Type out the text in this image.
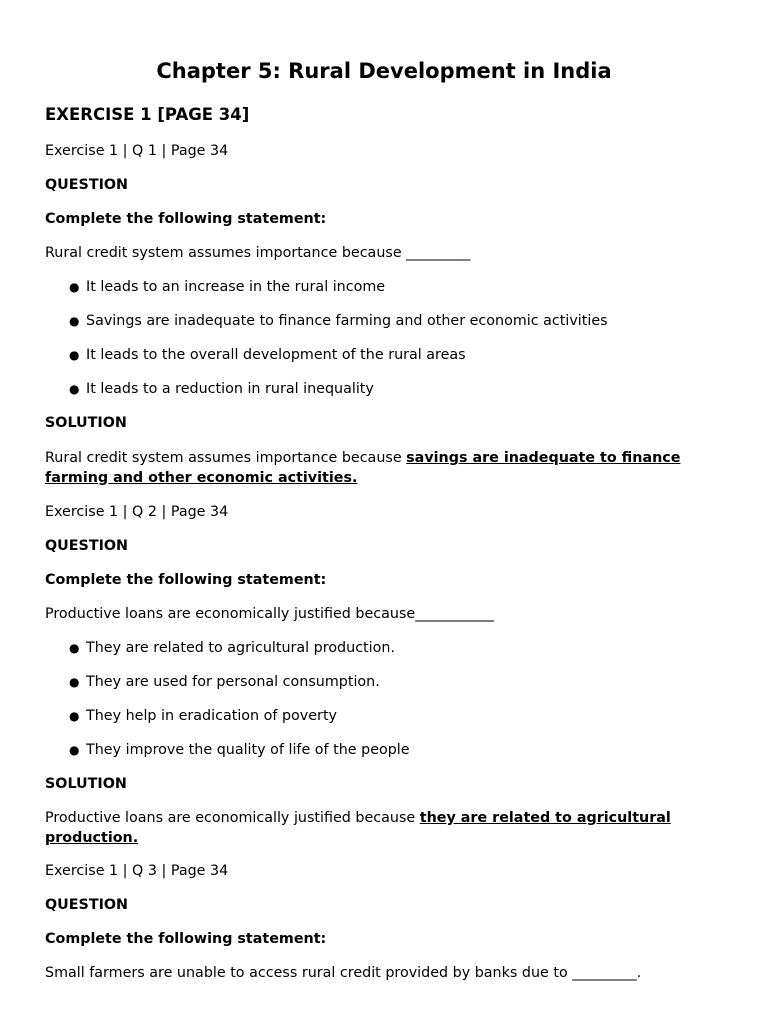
Chapter 5: Rural Development in India
EXERCISE 1 [PAGE 34]
Exercise 1 | Q 1 | Page 34
QUESTION
Complete the following statement:
Rural credit system assumes importance because _________
● It leads to an increase in the rural income
● Savings are inadequate to finance farming and other economic activities
● It leads to the overall development of the rural areas
● It leads to a reduction in rural inequality
SOLUTION

Rural credit system assumes importance because savings are inadequate to finance farming and other economic activities.

Exercise 1 | Q 2 | Page 34
QUESTION
Complete the following statement:
Productive loans are economically justified because___________
● They are related to agricultural production.
● They are used for personal consumption.
● They help in eradication of poverty
● They improve the quality of life of the people
SOLUTION

Productive loans are economically justified because they are related to agricultural production.

Exercise 1 | Q 3 | Page 34
QUESTION
Complete the following statement:
Small farmers are unable to access rural credit provided by banks due to _________.
